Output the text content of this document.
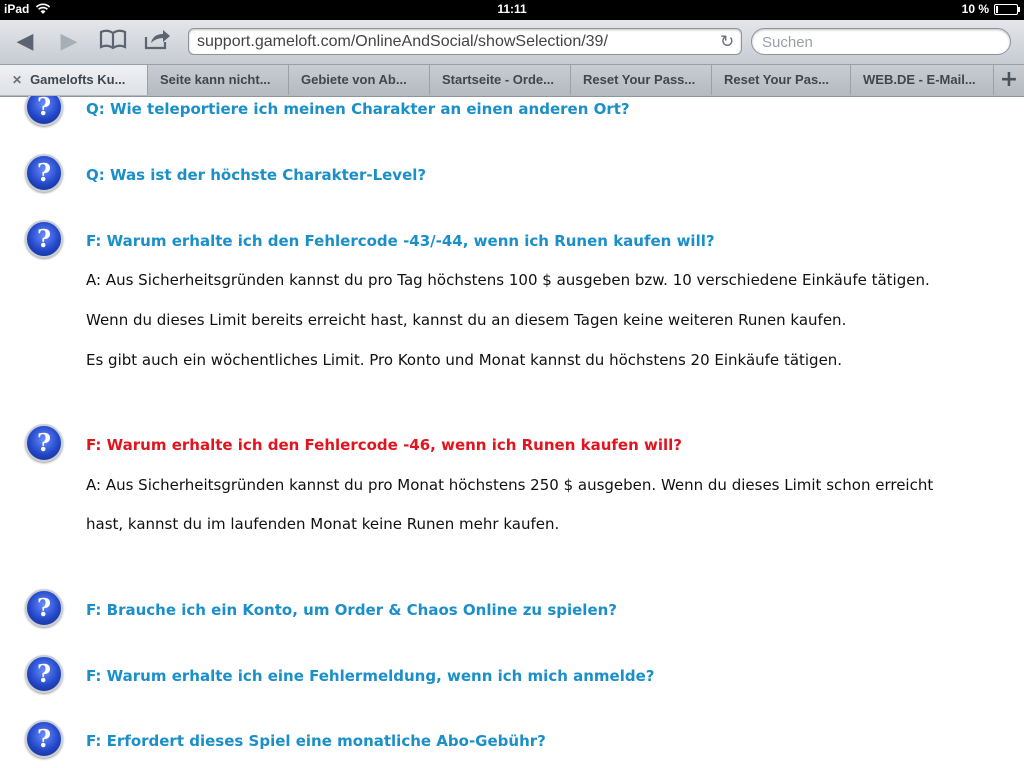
iPad	11:11	10 %
◀ ▶	support.gameloft.com/OnlineAndSocial/showSelection/39/	↻	Suchen
✕ Gamelofts Ku...	Seite kann nicht...	Gebiete von Ab...	Startseite - Orde...	Reset Your Pass...	Reset Your Pas...	WEB.DE - E-Mail...	+
?	Q: Wie teleportiere ich meinen Charakter an einen anderen Ort?
?	Q: Was ist der höchste Charakter-Level?
?	F: Warum erhalte ich den Fehlercode -43/-44, wenn ich Runen kaufen will?
A: Aus Sicherheitsgründen kannst du pro Tag höchstens 100 $ ausgeben bzw. 10 verschiedene Einkäufe tätigen.
Wenn du dieses Limit bereits erreicht hast, kannst du an diesem Tagen keine weiteren Runen kaufen.
Es gibt auch ein wöchentliches Limit. Pro Konto und Monat kannst du höchstens 20 Einkäufe tätigen.
?	F: Warum erhalte ich den Fehlercode -46, wenn ich Runen kaufen will?
A: Aus Sicherheitsgründen kannst du pro Monat höchstens 250 $ ausgeben. Wenn du dieses Limit schon erreicht
hast, kannst du im laufenden Monat keine Runen mehr kaufen.
?	F: Brauche ich ein Konto, um Order & Chaos Online zu spielen?
?	F: Warum erhalte ich eine Fehlermeldung, wenn ich mich anmelde?
?	F: Erfordert dieses Spiel eine monatliche Abo-Gebühr?
